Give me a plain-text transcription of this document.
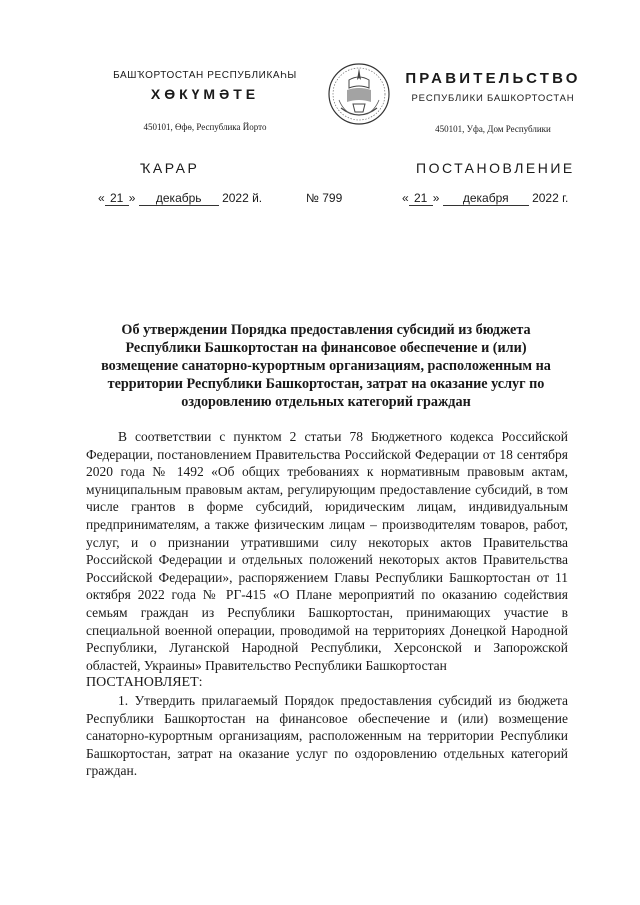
БАШҠОРТОСТАН РЕСПУБЛИКАҺЫ
ХӨКҮМӘТЕ
450101, Өфө, Республика Йорто
ПРАВИТЕЛЬСТВО
РЕСПУБЛИКИ БАШКОРТОСТАН
450101, Уфа, Дом Республики
ҠАРАР	ПОСТАНОВЛЕНИЕ
« 21 » декабрь 2022 й.	№ 799	« 21 » декабря 2022 г.
Об утверждении Порядка предоставления субсидий из бюджета Республики Башкортостан на финансовое обеспечение и (или) возмещение санаторно-курортным организациям, расположенным на территории Республики Башкортостан, затрат на оказание услуг по оздоровлению отдельных категорий граждан

В соответствии с пунктом 2 статьи 78 Бюджетного кодекса Российской Федерации, постановлением Правительства Российской Федерации от 18 сентября 2020 года № 1492 «Об общих требованиях к нормативным правовым актам, муниципальным правовым актам, регулирующим предоставление субсидий, в том числе грантов в форме субсидий, юридическим лицам, индивидуальным предпринимателям, а также физическим лицам – производителям товаров, работ, услуг, и о признании утратившими силу некоторых актов Правительства Российской Федерации и отдельных положений некоторых актов Правительства Российской Федерации», распоряжением Главы Республики Башкортостан от 11 октября 2022 года № РГ-415 «О Плане мероприятий по оказанию содействия семьям граждан из Республики Башкортостан, принимающих участие в специальной военной операции, проводимой на территориях Донецкой Народной Республики, Луганской Народной Республики, Херсонской и Запорожской областей, Украины» Правительство Республики Башкортостан

ПОСТАНОВЛЯЕТ:

1. Утвердить прилагаемый Порядок предоставления субсидий из бюджета Республики Башкортостан на финансовое обеспечение и (или) возмещение санаторно-курортным организациям, расположенным на территории Республики Башкортостан, затрат на оказание услуг по оздоровлению отдельных категорий граждан.
